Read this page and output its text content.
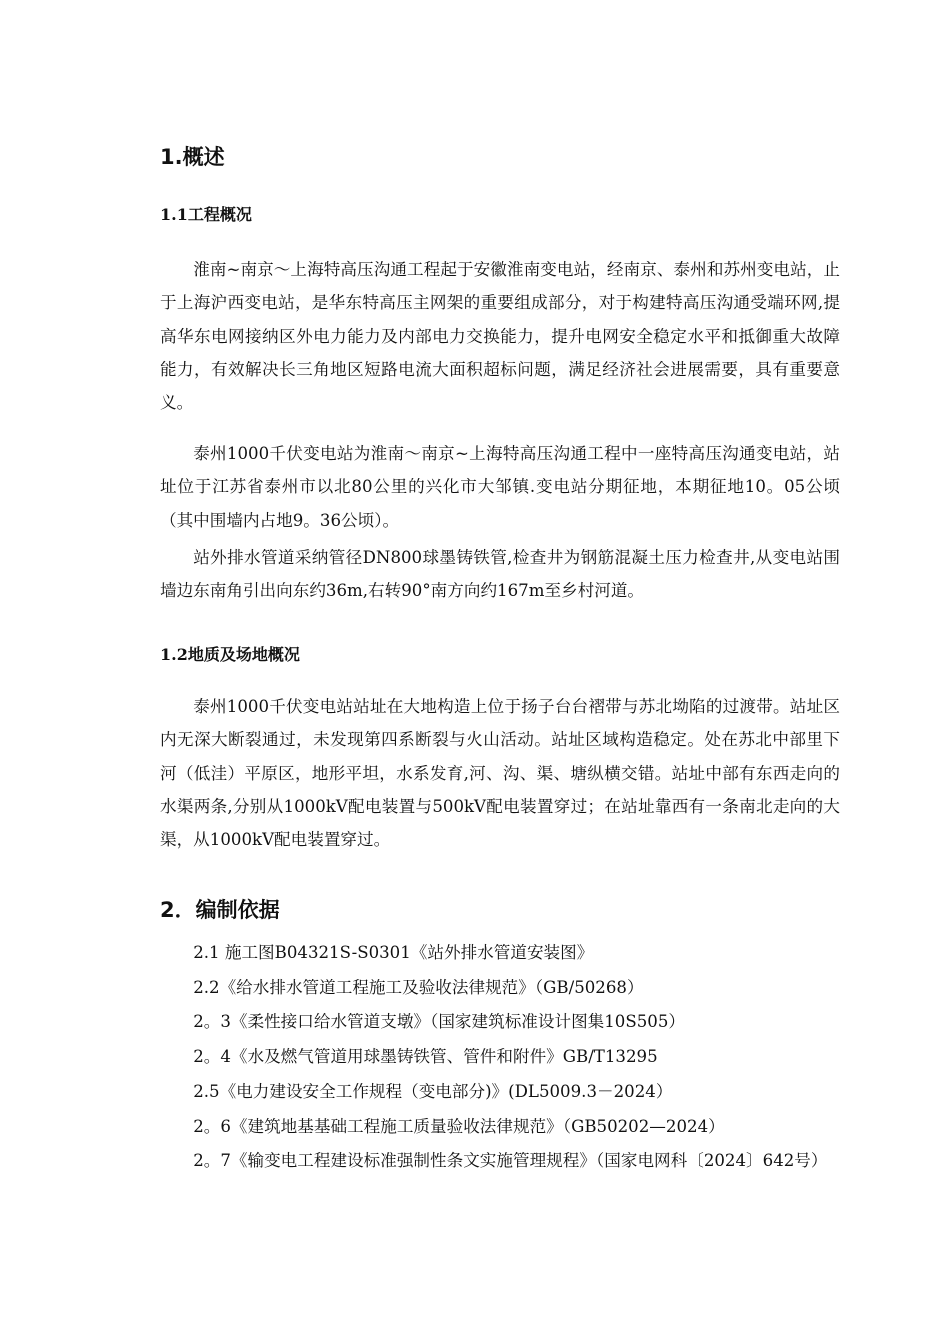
1.概述
1.1工程概况

淮南~南京～上海特高压沟通工程起于安徽淮南变电站，经南京、泰州和苏州变电站，止于上海沪西变电站，是华东特高压主网架的重要组成部分，对于构建特高压沟通受端环网,提高华东电网接纳区外电力能力及内部电力交换能力，提升电网安全稳定水平和抵御重大故障能力，有效解决长三角地区短路电流大面积超标问题，满足经济社会进展需要，具有重要意义。

泰州1000千伏变电站为淮南～南京~上海特高压沟通工程中一座特高压沟通变电站，站址位于江苏省泰州市以北80公里的兴化市大邹镇.变电站分期征地，本期征地10。05公顷（其中围墙内占地9。36公顷）。

站外排水管道采纳管径DN800球墨铸铁管,检查井为钢筋混凝土压力检查井,从变电站围墙边东南角引出向东约36m,右转90°南方向约167m至乡村河道。

1.2地质及场地概况

泰州1000千伏变电站站址在大地构造上位于扬子台台褶带与苏北坳陷的过渡带。站址区内无深大断裂通过，未发现第四系断裂与火山活动。站址区域构造稳定。处在苏北中部里下河（低洼）平原区，地形平坦，水系发育,河、沟、渠、塘纵横交错。站址中部有东西走向的水渠两条,分别从1000kV配电装置与500kV配电装置穿过；在站址靠西有一条南北走向的大渠，从1000kV配电装置穿过。

2．编制依据
2.1 施工图B04321S-S0301《站外排水管道安装图》
2.2《给水排水管道工程施工及验收法律规范》（GB/50268）
2。3《柔性接口给水管道支墩》（国家建筑标准设计图集10S505）
2。4《水及燃气管道用球墨铸铁管、管件和附件》GB/T13295
2.5《电力建设安全工作规程（变电部分)》(DL5009.3－2024）
2。6《建筑地基基础工程施工质量验收法律规范》（GB50202—2024）
2。7《输变电工程建设标准强制性条文实施管理规程》（国家电网科〔2024〕642号）
